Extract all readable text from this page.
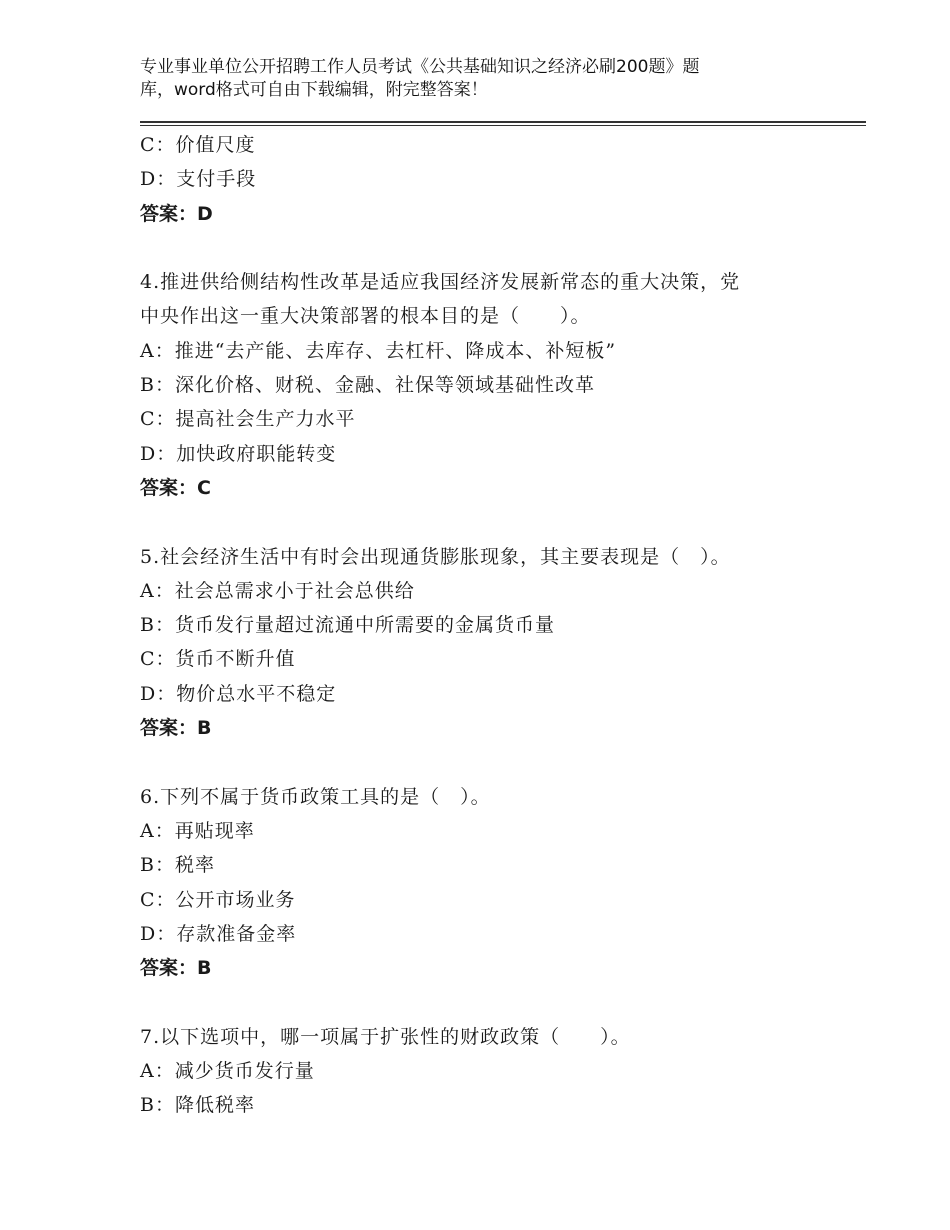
专业事业单位公开招聘工作人员考试《公共基础知识之经济必刷200题》题
库，word格式可自由下载编辑，附完整答案！
C：价值尺度
D：支付手段
答案：D
4.推进供给侧结构性改革是适应我国经济发展新常态的重大决策，党
中央作出这一重大决策部署的根本目的是（　　）。
A：推进“去产能、去库存、去杠杆、降成本、补短板”
B：深化价格、财税、金融、社保等领域基础性改革
C：提高社会生产力水平
D：加快政府职能转变
答案：C
5.社会经济生活中有时会出现通货膨胀现象，其主要表现是（　）。
A：社会总需求小于社会总供给
B：货币发行量超过流通中所需要的金属货币量
C：货币不断升值
D：物价总水平不稳定
答案：B
6.下列不属于货币政策工具的是（　）。
A：再贴现率
B：税率
C：公开市场业务
D：存款准备金率
答案：B
7.以下选项中，哪一项属于扩张性的财政政策（　　）。
A：减少货币发行量
B：降低税率
